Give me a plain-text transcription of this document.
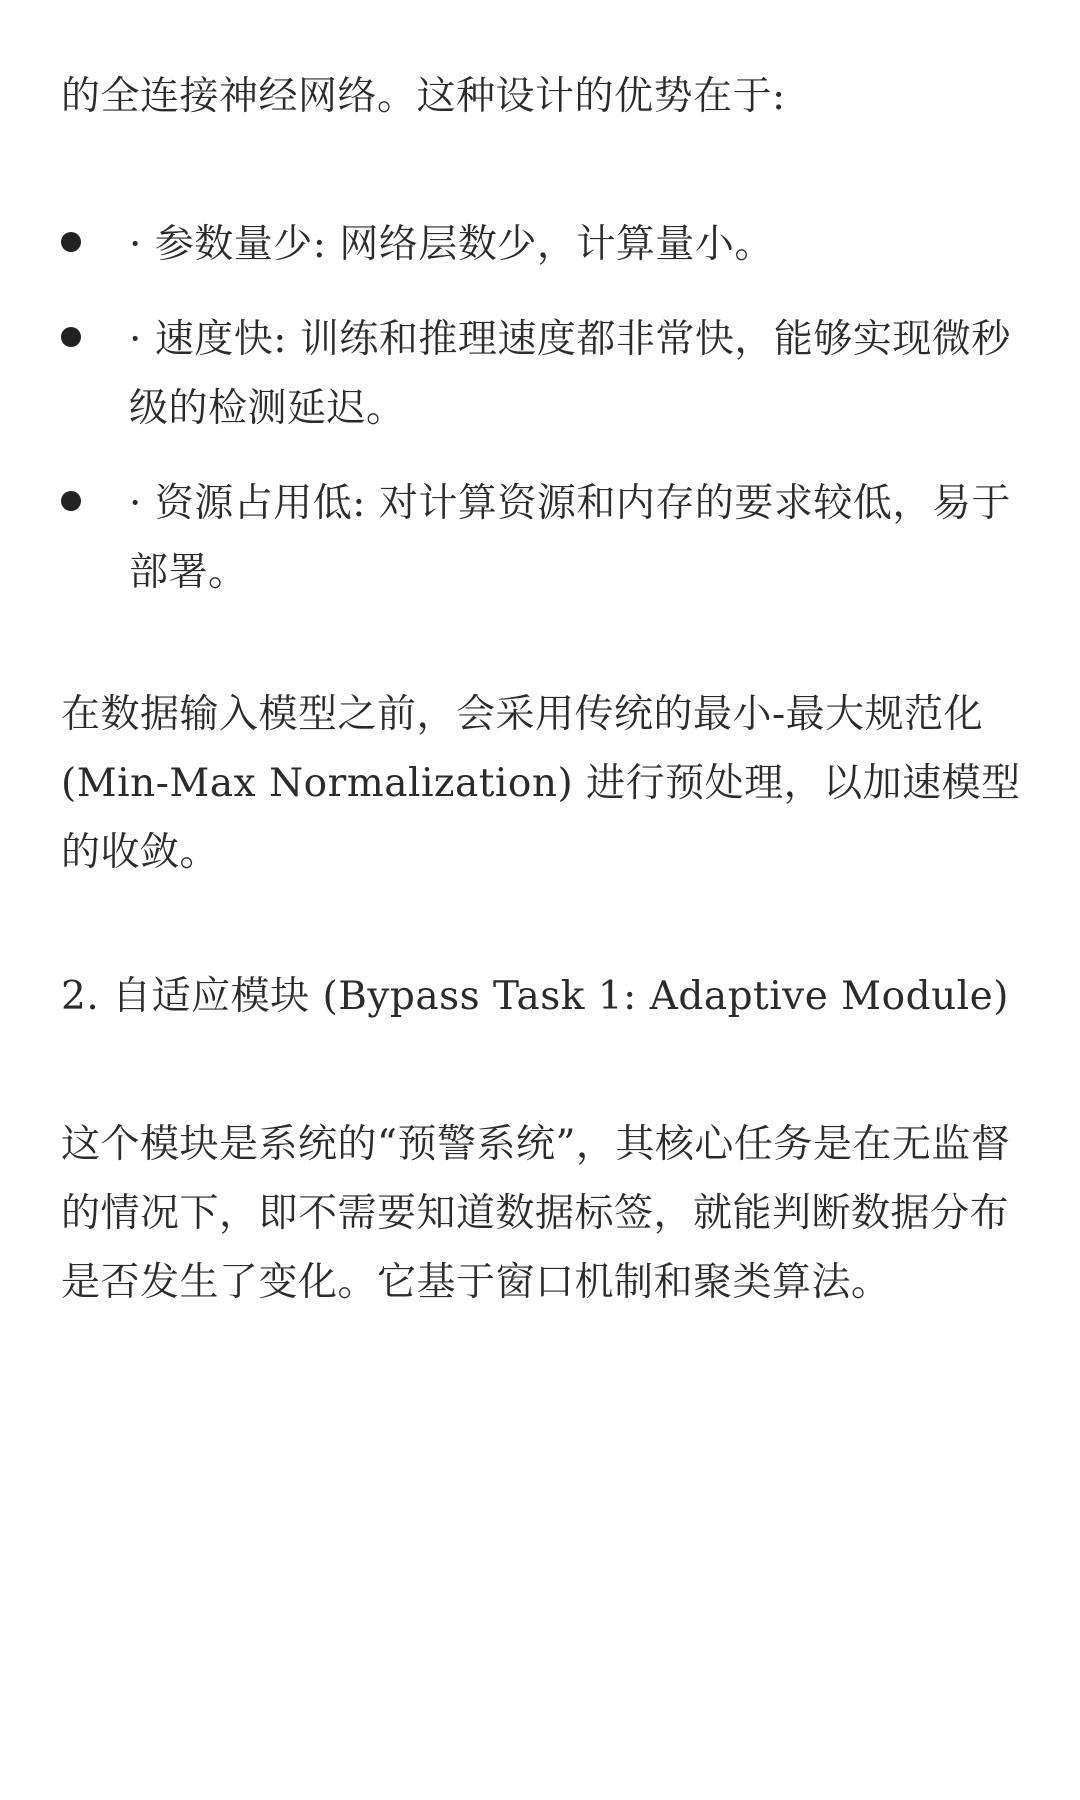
的全连接神经网络。这种设计的优势在于:

· 参数量少: 网络层数少，计算量小。
· 速度快: 训练和推理速度都非常快，能够实现微秒级的检测延迟。
· 资源占用低: 对计算资源和内存的要求较低，易于部署。

在数据输入模型之前，会采用传统的最小-最大规范化 (Min-Max Normalization) 进行预处理，以加速模型的收敛。

2. 自适应模块 (Bypass Task 1: Adaptive Module)

这个模块是系统的“预警系统”，其核心任务是在无监督的情况下，即不需要知道数据标签，就能判断数据分布是否发生了变化。它基于窗口机制和聚类算法。
